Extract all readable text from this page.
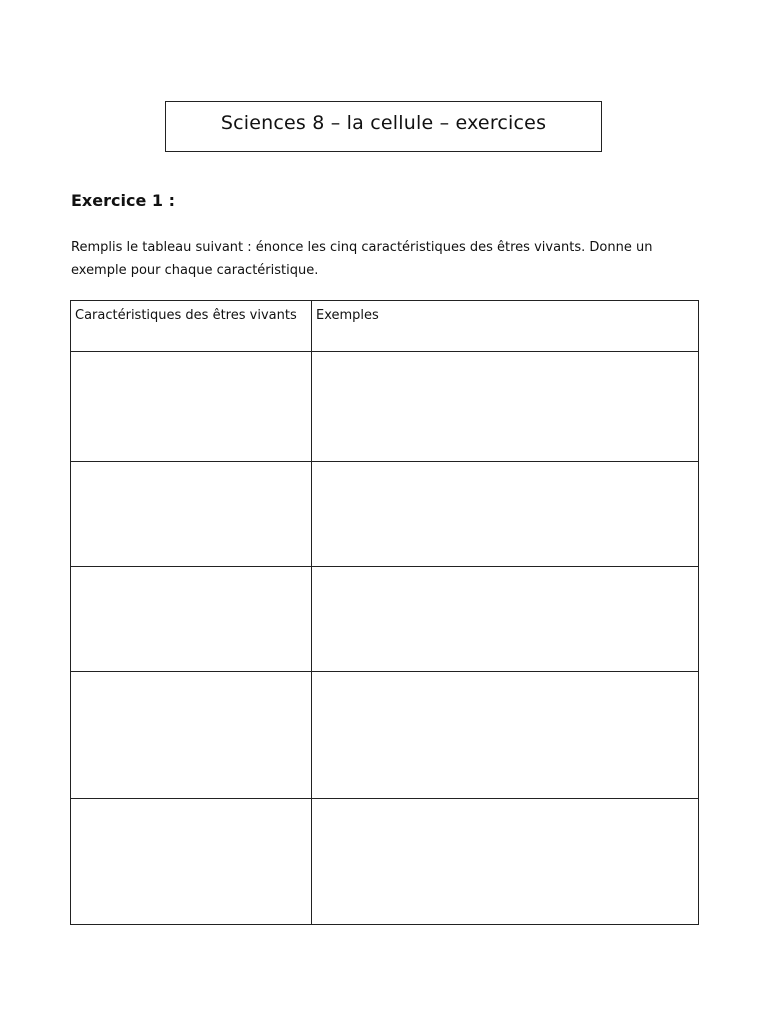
Sciences 8 – la cellule – exercices
Exercice 1 :
Remplis le tableau suivant : énonce les cinq caractéristiques des êtres vivants. Donne un exemple pour chaque caractéristique.
Caractéristiques des êtres vivants	Exemples
